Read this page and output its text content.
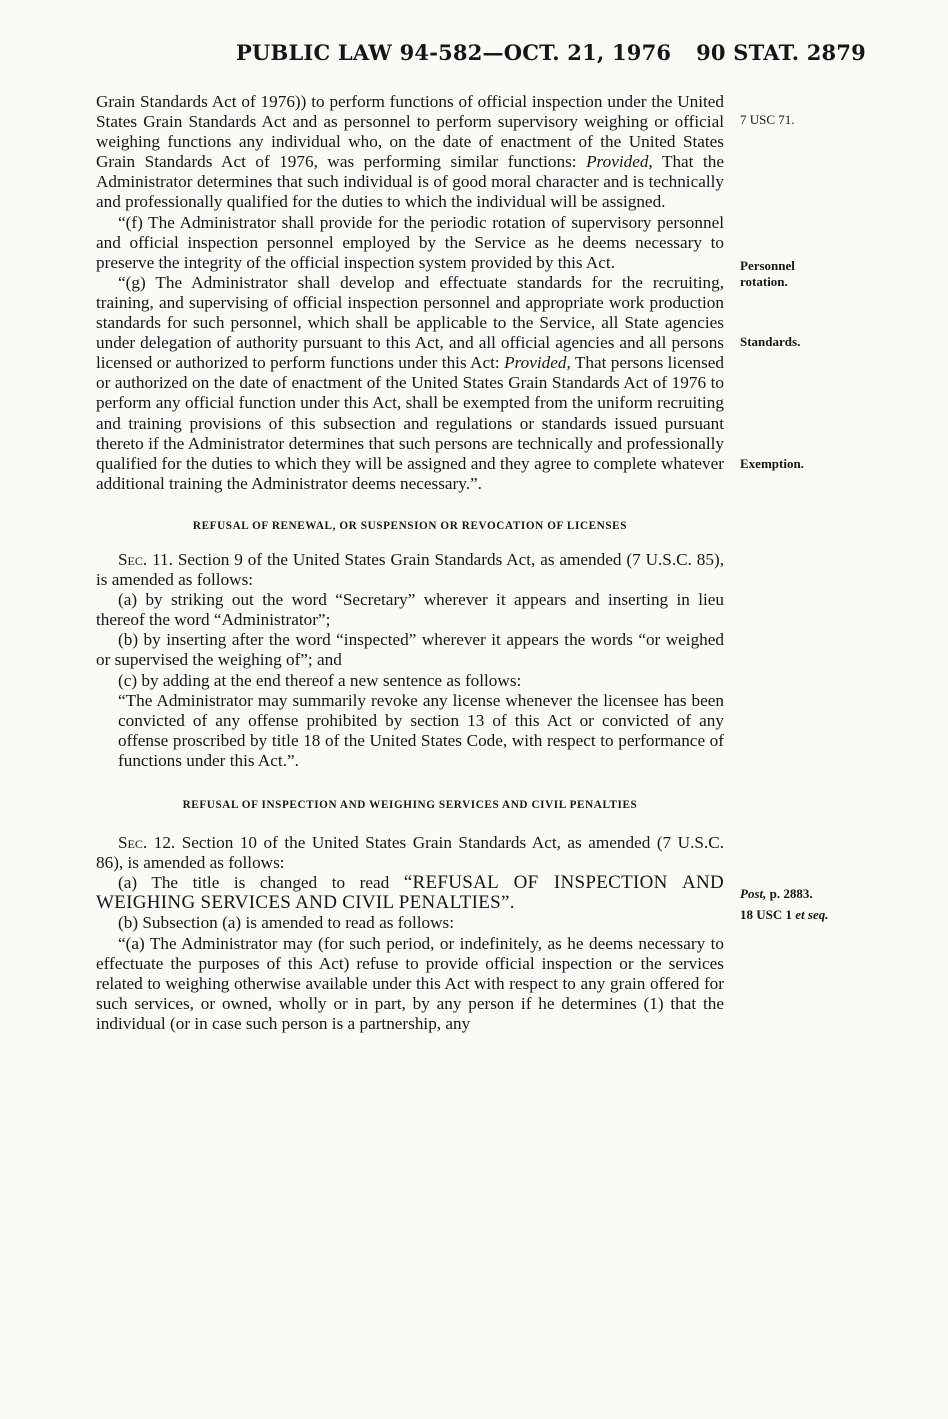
PUBLIC LAW 94-582—OCT. 21, 1976 90 STAT. 2879

Grain Standards Act of 1976)) to perform functions of official inspection under the United States Grain Standards Act and as personnel to perform supervisory weighing or official weighing functions any individual who, on the date of enactment of the United States Grain Standards Act of 1976, was performing similar functions: Provided, That the Administrator determines that such individual is of good moral character and is technically and professionally qualified for the duties to which the individual will be assigned.

“(f) The Administrator shall provide for the periodic rotation of supervisory personnel and official inspection personnel employed by the Service as he deems necessary to preserve the integrity of the official inspection system provided by this Act.

“(g) The Administrator shall develop and effectuate standards for the recruiting, training, and supervising of official inspection personnel and appropriate work production standards for such personnel, which shall be applicable to the Service, all State agencies under delegation of authority pursuant to this Act, and all official agencies and all persons licensed or authorized to perform functions under this Act: Provided, That persons licensed or authorized on the date of enactment of the United States Grain Standards Act of 1976 to perform any official function under this Act, shall be exempted from the uniform recruiting and training provisions of this subsection and regulations or standards issued pursuant thereto if the Administrator determines that such persons are technically and professionally qualified for the duties to which they will be assigned and they agree to complete whatever additional training the Administrator deems necessary.”.

REFUSAL OF RENEWAL, OR SUSPENSION OR REVOCATION OF LICENSES

Sec. 11. Section 9 of the United States Grain Standards Act, as amended (7 U.S.C. 85), is amended as follows:

(a) by striking out the word “Secretary” wherever it appears and inserting in lieu thereof the word “Administrator”;

(b) by inserting after the word “inspected” wherever it appears the words “or weighed or supervised the weighing of”; and

(c) by adding at the end thereof a new sentence as follows:

“The Administrator may summarily revoke any license whenever the licensee has been convicted of any offense prohibited by section 13 of this Act or convicted of any offense proscribed by title 18 of the United States Code, with respect to performance of functions under this Act.”.

REFUSAL OF INSPECTION AND WEIGHING SERVICES AND CIVIL PENALTIES

Sec. 12. Section 10 of the United States Grain Standards Act, as amended (7 U.S.C. 86), is amended as follows:

(a) The title is changed to read “REFUSAL OF INSPECTION AND WEIGHING SERVICES AND CIVIL PENALTIES”.

(b) Subsection (a) is amended to read as follows:

“(a) The Administrator may (for such period, or indefinitely, as he deems necessary to effectuate the purposes of this Act) refuse to provide official inspection or the services related to weighing otherwise available under this Act with respect to any grain offered for such services, or owned, wholly or in part, by any person if he determines (1) that the individual (or in case such person is a partnership, any

7 USC 71.
Personnel
rotation.
Standards.
Exemption.
Post, p. 2883.
18 USC 1 et seq.
